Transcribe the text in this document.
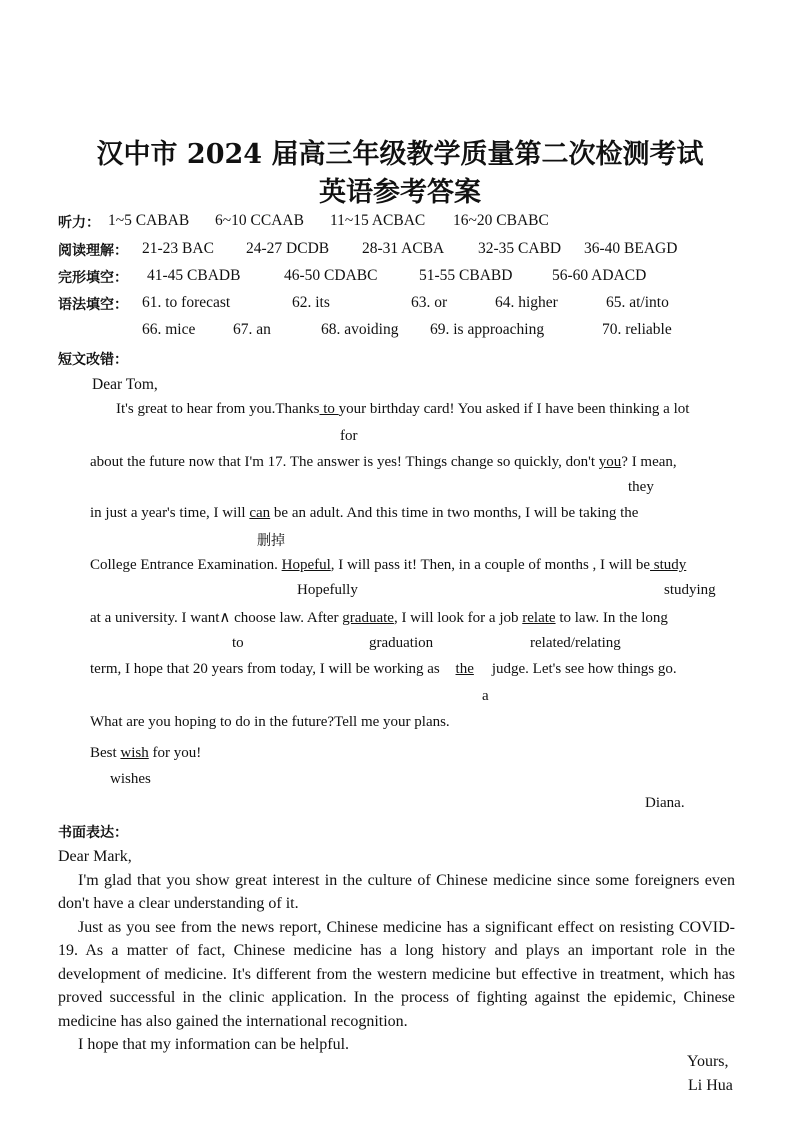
汉中市 2024 届高三年级教学质量第二次检测考试
英语参考答案
听力： 1~5 CABAB 6~10 CCAAB 11~15 ACBAC 16~20 CBABC
阅读理解： 21-23 BAC 24-27 DCDB 28-31 ACBA 32-35 CABD 36-40 BEAGD
完形填空： 41-45 CBADB	46-50 CDABC	51-55 CBABD	56-60 ADACD
语法填空： 61. to forecast	62. its	63. or	64. higher	65. at/into
66. mice 67. an	68. avoiding 69. is approaching	70. reliable
短文改错：
Dear Tom,
It's great to hear from you.Thanks to your birthday card! You asked if I have been thinking a lot
for
about the future now that I'm 17. The answer is yes! Things change so quickly, don't you? I mean,
they
in just a year's time, I will can be an adult. And this time in two months, I will be taking the
删掉
College Entrance Examination. Hopeful, I will pass it! Then, in a couple of months , I will be study
Hopefully	studying
at a university. I want∧ choose law. After graduate, I will look for a job relate to law. In the long
to	graduation	related/relating
term, I hope that 20 years from today, I will be working as the judge. Let's see how things go.
a
What are you hoping to do in the future?Tell me your plans.
Best wish for you!
wishes
Diana.
书面表达：

Dear Mark,

I'm glad that you show great interest in the culture of Chinese medicine since some foreigners even don't have a clear understanding of it.

Just as you see from the news report, Chinese medicine has a significant effect on resisting COVID-19. As a matter of fact, Chinese medicine has a long history and plays an important role in the development of medicine. It's different from the western medicine but effective in treatment, which has proved successful in the clinic application. In the process of fighting against the epidemic, Chinese medicine has also gained the international recognition.

I hope that my information can be helpful.

Yours,
Li Hua
